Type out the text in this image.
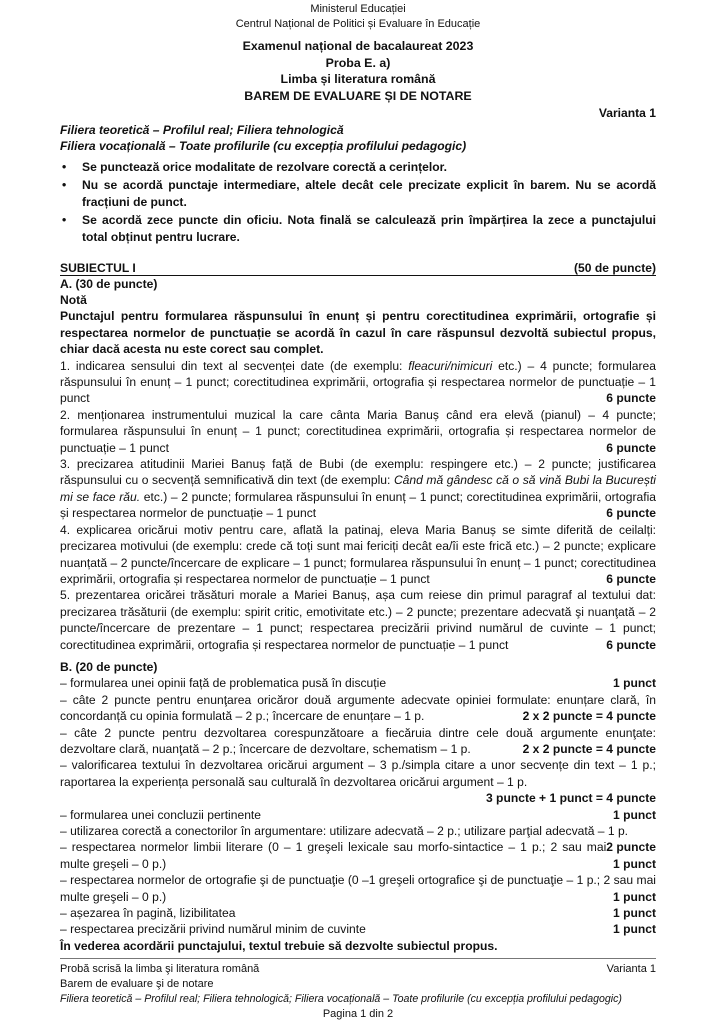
Ministerul Educației
Centrul Național de Politici și Evaluare în Educație
Examenul național de bacalaureat 2023
Proba E. a)
Limba și literatura română
BAREM DE EVALUARE ȘI DE NOTARE
Varianta 1
Filiera teoretică – Profilul real; Filiera tehnologică
Filiera vocațională – Toate profilurile (cu excepția profilului pedagogic)
• Se punctează orice modalitate de rezolvare corectă a cerințelor.
• Nu se acordă punctaje intermediare, altele decât cele precizate explicit în barem. Nu se acordă fracțiuni de punct.
• Se acordă zece puncte din oficiu. Nota finală se calculează prin împărțirea la zece a punctajului total obținut pentru lucrare.
SUBIECTUL I	(50 de puncte)
A. (30 de puncte)
Notă

Punctajul pentru formularea răspunsului în enunț și pentru corectitudinea exprimării, ortografie și respectarea normelor de punctuație se acordă în cazul în care răspunsul dezvoltă subiectul propus, chiar dacă acesta nu este corect sau complet.

1. indicarea sensului din text al secvenței date (de exemplu: fleacuri/nimicuri etc.) – 4 puncte; formularea răspunsului în enunț – 1 punct; corectitudinea exprimării, ortografia și respectarea normelor de punctuație – 1 punct	6 puncte

2. menționarea instrumentului muzical la care cânta Maria Banuș când era elevă (pianul) – 4 puncte; formularea răspunsului în enunț – 1 punct; corectitudinea exprimării, ortografia și respectarea normelor de punctuație – 1 punct	6 puncte

3. precizarea atitudinii Mariei Banuș față de Bubi (de exemplu: respingere etc.) – 2 puncte; justificarea răspunsului cu o secvență semnificativă din text (de exemplu: Când mă gândesc că o să vină Bubi la București mi se face rău. etc.) – 2 puncte; formularea răspunsului în enunț – 1 punct; corectitudinea exprimării, ortografia și respectarea normelor de punctuație – 1 punct	6 puncte

4. explicarea oricărui motiv pentru care, aflată la patinaj, eleva Maria Banuș se simte diferită de ceilalți: precizarea motivului (de exemplu: crede că toți sunt mai fericiți decât ea/îi este frică etc.) – 2 puncte; explicare nuanțată – 2 puncte/încercare de explicare – 1 punct; formularea răspunsului în enunț – 1 punct; corectitudinea exprimării, ortografia și respectarea normelor de punctuație – 1 punct	6 puncte

5. prezentarea oricărei trăsături morale a Mariei Banuș, așa cum reiese din primul paragraf al textului dat: precizarea trăsăturii (de exemplu: spirit critic, emotivitate etc.) – 2 puncte; prezentare adecvată şi nuanţată – 2 puncte/încercare de prezentare – 1 punct; respectarea precizării privind numărul de cuvinte – 1 punct; corectitudinea exprimării, ortografia și respectarea normelor de punctuație – 1 punct	6 puncte

B. (20 de puncte)

– formularea unei opinii față de problematica pusă în discuție	1 punct

– câte 2 puncte pentru enunţarea oricăror două argumente adecvate opiniei formulate: enunțare clară, în concordanță cu opinia formulată – 2 p.; încercare de enunțare – 1 p.	2 x 2 puncte = 4 puncte

– câte 2 puncte pentru dezvoltarea corespunzătoare a fiecăruia dintre cele două argumente enunţate: dezvoltare clară, nuanţată – 2 p.; încercare de dezvoltare, schematism – 1 p.	2 x 2 puncte = 4 puncte

– valorificarea textului în dezvoltarea oricărui argument – 3 p./simpla citare a unor secvențe din text – 1 p.; raportarea la experiența personală sau culturală în dezvoltarea oricărui argument – 1 p.
3 puncte + 1 punct = 4 puncte

– formularea unei concluzii pertinente	1 punct

– utilizarea corectă a conectorilor în argumentare: utilizare adecvată – 2 p.; utilizare parţial adecvată – 1 p.
2 puncte

– respectarea normelor limbii literare (0 – 1 greşeli lexicale sau morfo-sintactice – 1 p.; 2 sau mai multe greşeli – 0 p.)	1 punct

– respectarea normelor de ortografie şi de punctuaţie (0 –1 greşeli ortografice şi de punctuaţie – 1 p.; 2 sau mai multe greşeli – 0 p.)	1 punct

– așezarea în pagină, lizibilitatea	1 punct

– respectarea precizării privind numărul minim de cuvinte	1 punct

În vederea acordării punctajului, textul trebuie să dezvolte subiectul propus.
Probă scrisă la limba şi literatura română	Varianta 1
Barem de evaluare şi de notare
Filiera teoretică – Profilul real; Filiera tehnologică; Filiera vocațională – Toate profilurile (cu excepția profilului pedagogic)
Pagina 1 din 2
